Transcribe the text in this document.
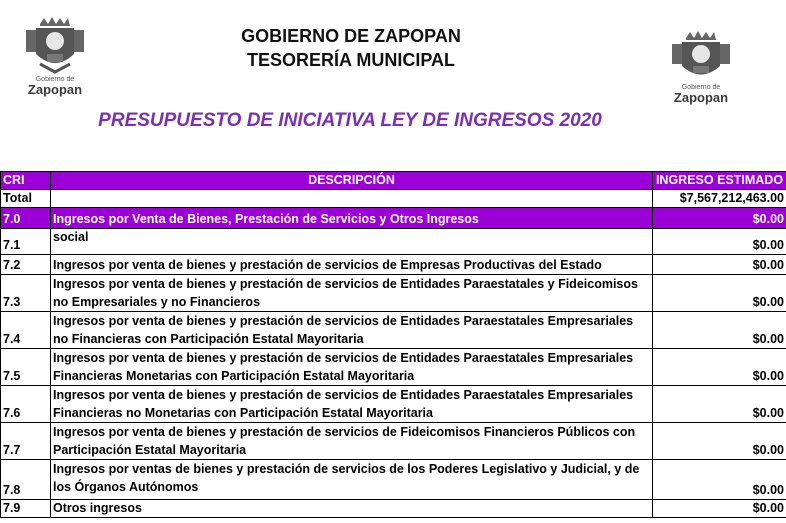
Gobierno de
Zapopan	Gobierno de
Zapopan
GOBIERNO DE ZAPOPAN
TESORERÍA MUNICIPAL
PRESUPUESTO DE INICIATIVA LEY DE INGRESOS 2020
CRI	DESCRIPCIÓN	INGRESO ESTIMADO
Total		$7,567,212,463.00
7.0	Ingresos por Venta de Bienes, Prestación de Servicios y Otros Ingresos	$0.00
7.1	social	$0.00
7.2	Ingresos por venta de bienes y prestación de servicios de Empresas Productivas del Estado	$0.00
7.3	Ingresos por venta de bienes y prestación de servicios de Entidades Paraestatales y Fideicomisos no Empresariales y no Financieros	$0.00
7.4	Ingresos por venta de bienes y prestación de servicios de Entidades Paraestatales Empresariales no Financieras con Participación Estatal Mayoritaria	$0.00
7.5	Ingresos por venta de bienes y prestación de servicios de Entidades Paraestatales Empresariales Financieras Monetarias con Participación Estatal Mayoritaria	$0.00
7.6	Ingresos por venta de bienes y prestación de servicios de Entidades Paraestatales Empresariales Financieras no Monetarias con Participación Estatal Mayoritaria	$0.00
7.7	Ingresos por venta de bienes y prestación de servicios de Fideicomisos Financieros Públicos con Participación Estatal Mayoritaria	$0.00
7.8	Ingresos por ventas de bienes y prestación de servicios de los Poderes Legislativo y Judicial, y de los Órganos Autónomos	$0.00
7.9	Otros ingresos	$0.00
